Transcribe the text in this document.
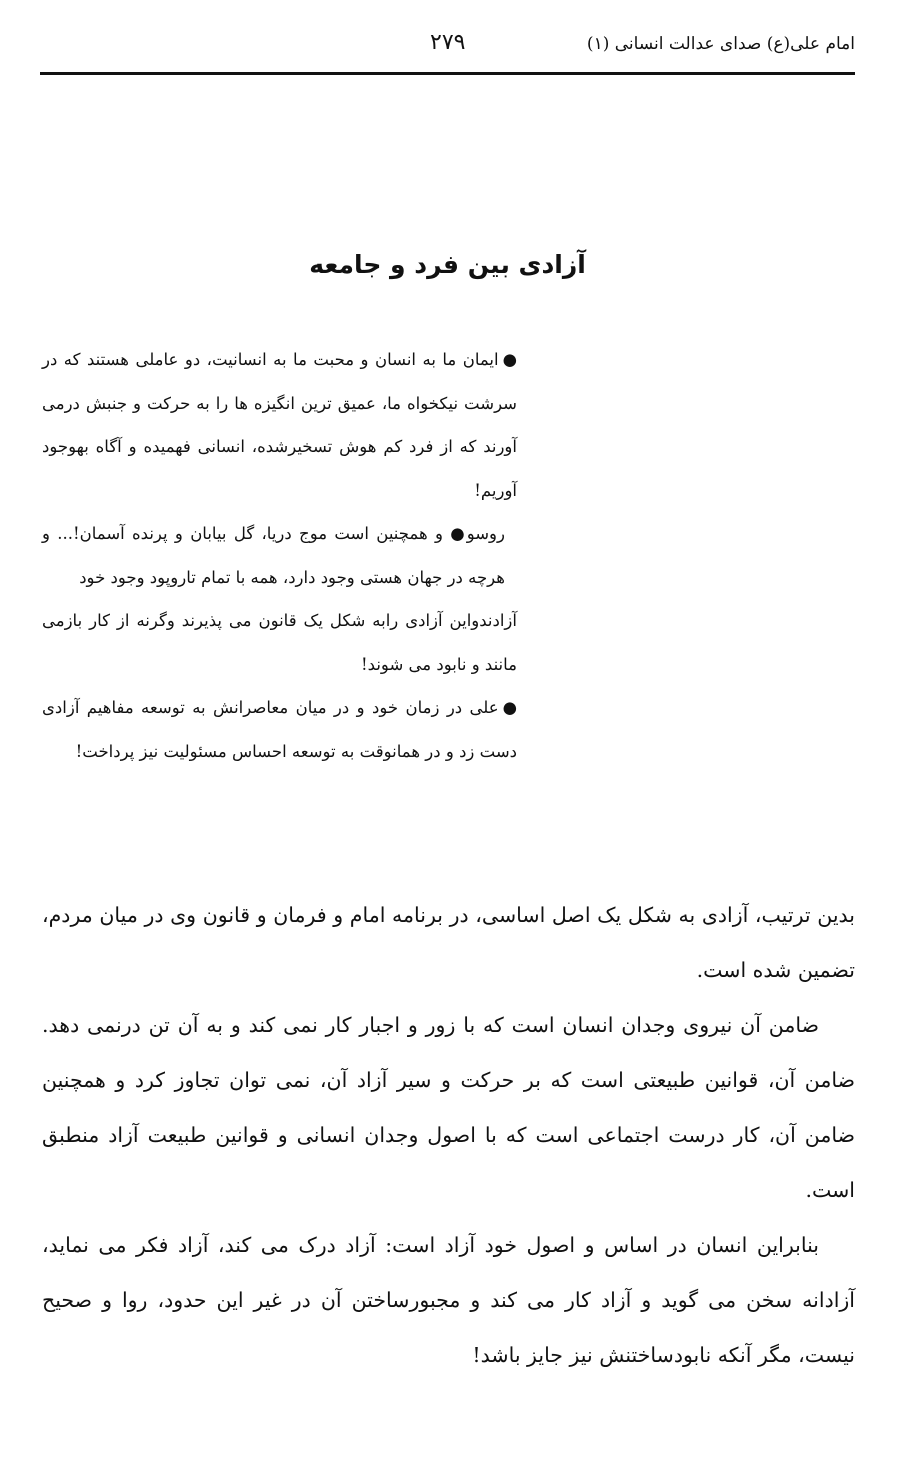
امام علی(ع) صدای عدالت انسانی (۱)
۲۷۹
آزادی بین فرد و جامعه

●ایمان ما به انسان و محبت ما به انسانیت، دو عاملی هستند که در سرشت نیکخواه ما، عمیق ترین انگیزه ها را به حرکت و جنبش درمی آورند که از فرد کم هوش تسخیرشده، انسانی فهمیده و آگاه بهوجود آوریم!

روسو● و همچنین است موج دریا، گل بیابان و پرنده آسمان!... و هرچه در جهان هستی وجود دارد، همه با تمام تاروپود وجود خود

آزادندواین آزادی رابه شکل یک قانون می پذیرند وگرنه از کار بازمی مانند و نابود می شوند!

●علی در زمان خود و در میان معاصرانش به توسعه مفاهیم آزادی دست زد و در همانوقت به توسعه احساس مسئولیت نیز پرداخت!

بدین ترتیب، آزادی به شکل یک اصل اساسی، در برنامه امام و فرمان و قانون وی در میان مردم، تضمین شده است.

ضامن آن نیروی وجدان انسان است که با زور و اجبار کار نمی کند و به آن تن درنمی دهد. ضامن آن، قوانین طبیعتی است که بر حرکت و سیر آزاد آن، نمی توان تجاوز کرد و همچنین ضامن آن، کار درست اجتماعی است که با اصول وجدان انسانی و قوانین طبیعت آزاد منطبق است.

بنابراین انسان در اساس و اصول خود آزاد است: آزاد درک می کند، آزاد فکر می نماید، آزادانه سخن می گوید و آزاد کار می کند و مجبورساختن آن در غیر این حدود، روا و صحیح نیست، مگر آنکه نابودساختنش نیز جایز باشد!
